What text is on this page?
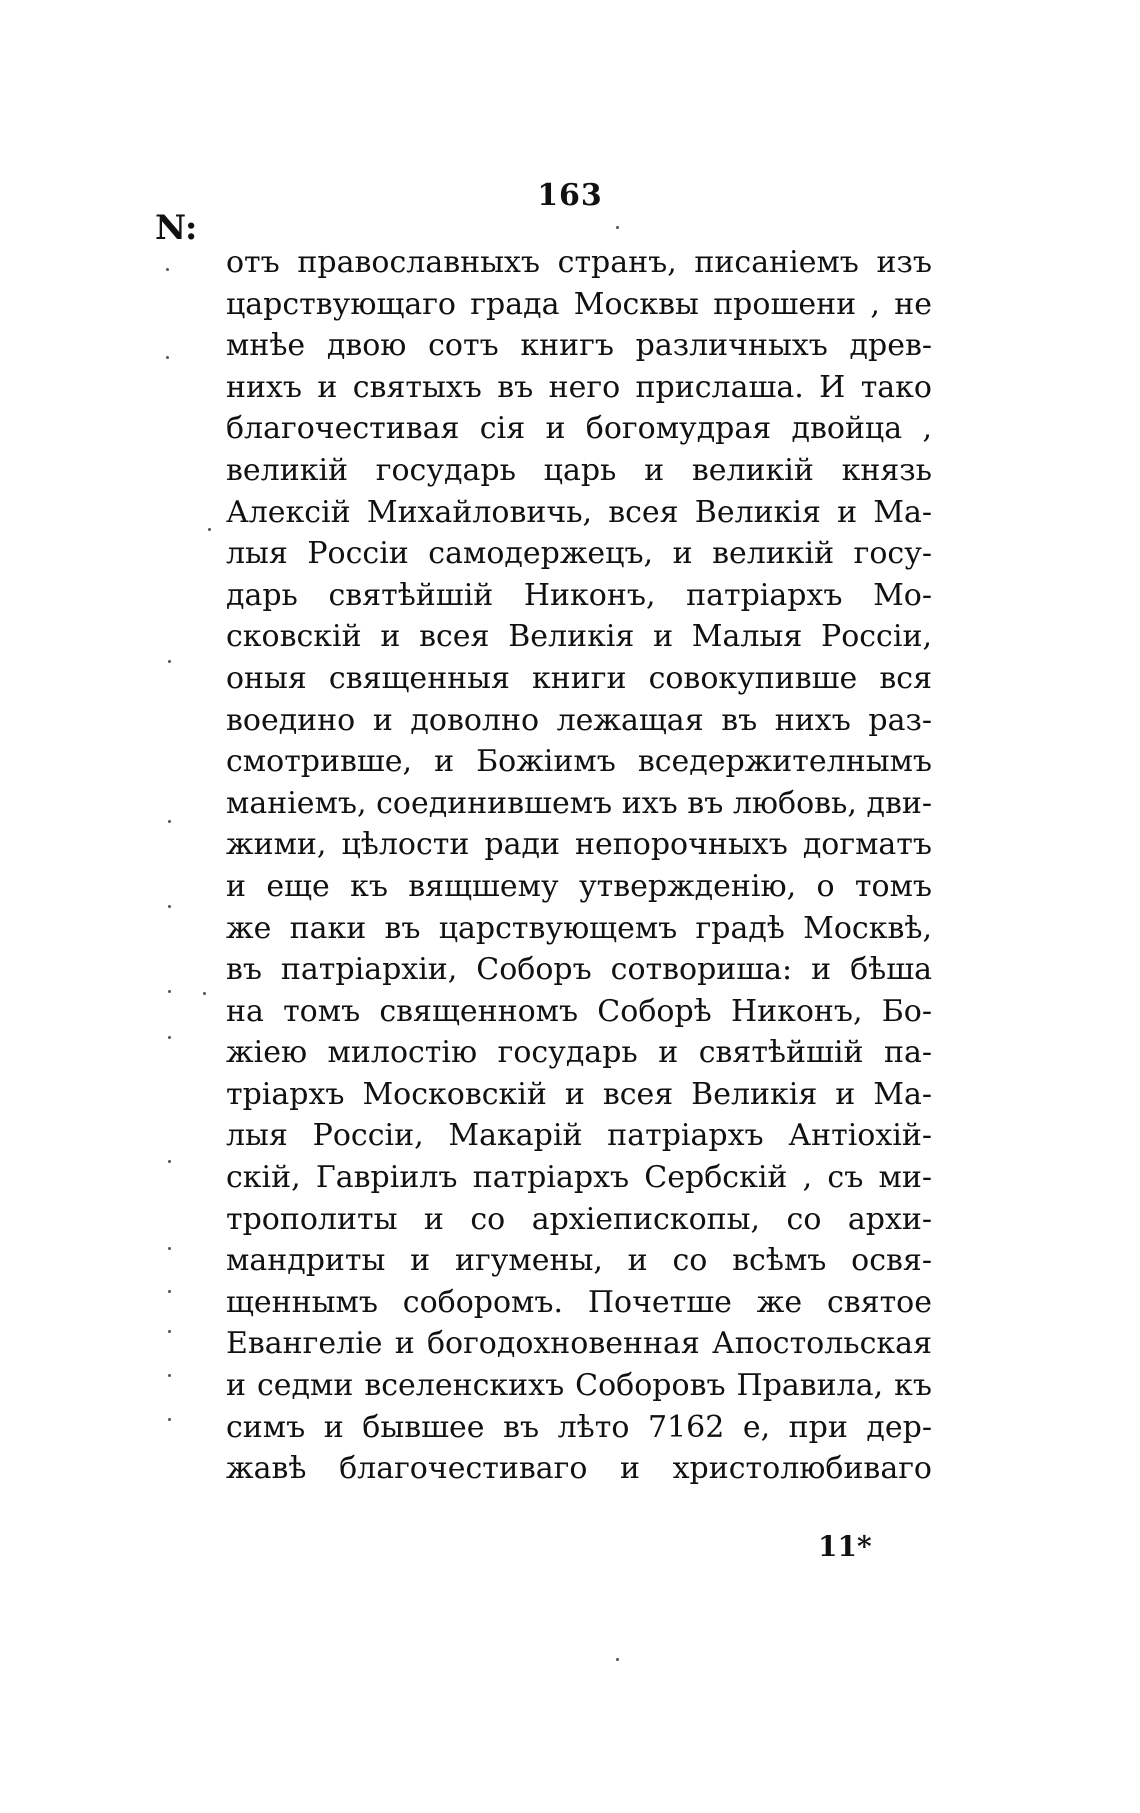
163
N:
отъ православныхъ странъ, писаніемъ изъ
царствующаго града Москвы прошени , не
мнѣе двою сотъ книгъ различныхъ древ-
нихъ и святыхъ въ него прислаша. И тако
благочестивая сія и богомудрая двойца ,
великій государь царь и великій князь
Алексій Михайловичь, всея Великія и Ма-
лыя Россіи самодержецъ, и великій госу-
дарь святѣйшій Никонъ, патріархъ Мо-
сковскій и всея Великія и Малыя Россіи,
оныя священныя книги совокупивше вся
воедино и доволно лежащая въ нихъ раз-
смотривше, и Божіимъ вседержителнымъ
маніемъ, соединившемъ ихъ въ любовь, дви-
жими, цѣлости ради непорочныхъ догматъ
и еще къ вящшему утвержденію, о томъ
же паки въ царствующемъ градѣ Москвѣ,
въ патріархіи, Соборъ сотвориша: и бѣша
на томъ священномъ Соборѣ Никонъ, Бо-
жіею милостію государь и святѣйшій па-
тріархъ Московскій и всея Великія и Ма-
лыя Россіи, Макарій патріархъ Антіохій-
скій, Гавріилъ патріархъ Сербскій , съ ми-
трополиты и со архіепископы, со архи-
мандриты и игумены, и со всѣмъ освя-
щеннымъ соборомъ. Почетше же святое
Евангеліе и богодохновенная Апостольская
и седми вселенскихъ Соборовъ Правила, къ
симъ и бывшее въ лѣто 7162 е, при дер-
жавѣ благочестиваго и христолюбиваго
11*
